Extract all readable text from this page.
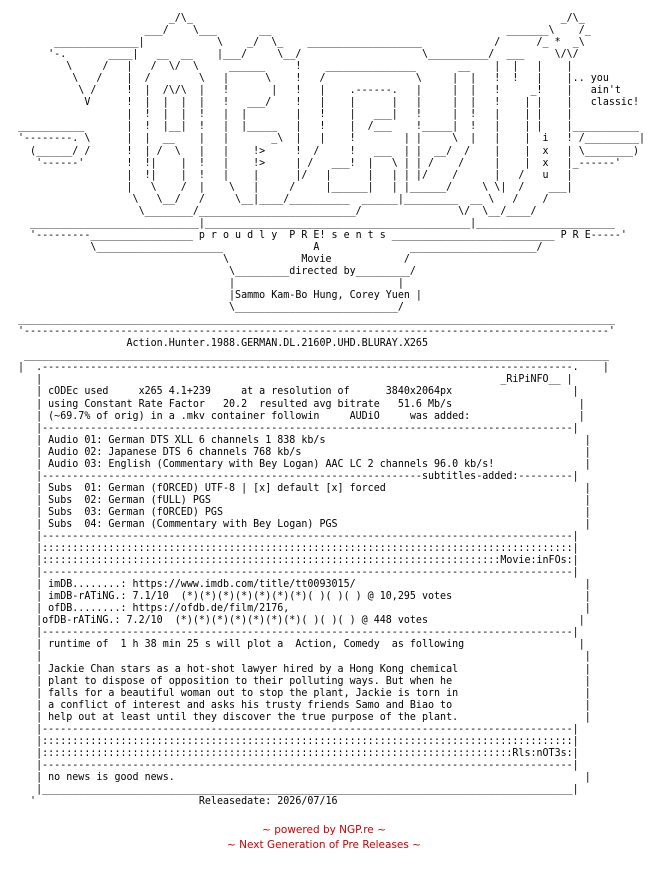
_/\_                                                             _/\_
___/    \___       __                                       _______\    /_
______________|            \    _/  \_    ___________________            /      /_ *  _\
'-.       ____|   __  __    |___/     \__/                    \__________/  ___     \/\/
\     /   |   /  \/  \     ______     !    _______________       __    |  |   |    |
\   /    |  /        \   |      \    !   /               \     |  |   !  !   |    |.. you
\ /     !  |  /\/\  |   !       |   !   |    .------.   |     |  |   !     _!    |   ain't
V      !  |  |  |  |   !   ___/    !   |    |      |   |     |  |   !    | |    |   classic!
|  !  |  |  !   |  |        |   !    |   ___|   !     |  !   |    | |    |
___________       |  !  |__|  !   |  |_____   |   !    |  /___    !_____|  !   |    | |    |___________
'--------. \      |  |  __    |   |       _\  |   |    !        | |     \  |   |    |  i   ! /_________|
(______/ /      !  | /  \   |   |    !>     !  /     !   ___  | |  __/  /    |    |  x   | \________)
'------'       !  !|    |  !   |    !>     | /   ___!  |   \ | | /    /     |    |  x   |_------'
|  !|    |  !   |    |      |/   |      |   | | |/    /      |   /   u   |
|   \    /  |    \   |     /     |______|   | |______/     \ \|  /    ___|
\   \__/   /     \__|____/__________  ______|_________  __ \   /    /
\________/__________________________/                \/  \__/____/
____________________________|____________________________________________|_______________________
'---------_________________ p r o u d l y  P R E! s e n t s ___________________________ P R E-----'
\_____________________               A               _____________________/
\            Movie            /
\_________directed by_________/
|                           |
|Sammo Kam-Bo Hung, Corey Yuen |
\___________________________/
___________________________________________________________________________________________________
'-------------------------------------------------------------------------------------------------'
Action.Hunter.1988.GERMAN.DL.2160P.UHD.BLURAY.X265
_________________________________________________________________________________________________
|  .----------------------------------------------------------------------------------------.    |
|                                                                            _RiPiNFO__ |
| cODEc used     x265 4.1+239     at a resolution of      3840x2064px                    |
| using Constant Rate Factor   20.2  resulted avg bitrate   51.6 Mb/s                     |
| (~69.7% of orig) in a .mkv container followin     AUDiO     was added:                  |
|----------------------------------------------------------------------------------------|
| Audio 01: German DTS XLL 6 channels 1 838 kb/s                                           |
| Audio 02: Japanese DTS 6 channels 768 kb/s                                               |
| Audio 03: English (Commentary with Bey Logan) AAC LC 2 channels 96.0 kb/s!               |
|---------------------------------------------------------------subtitles-added:---------|
| Subs  01: German (fORCED) UTF-8 | [x] default [x] forced                                 |
| Subs  02: German (fULL) PGS                                                              |
| Subs  03: German (fORCED) PGS                                                            |
| Subs  04: German (Commentary with Bey Logan) PGS                                         |
|----------------------------------------------------------------------------------------|
|::::::::::::::::::::::::::::::::::::::::::::::::::::::::::::::::::::::::::::::::::::::::|
|::::::::::::::::::::::::::::::::::::::::::::::::::::::::::::::::::::::::::::Movie:inFOs:|
|----------------------------------------------------------------------------------------|
| imDB........: https://www.imdb.com/title/tt0093015/                                      |
| imDB-rATiNG.: 7.1/10  (*)(*)(*)(*)(*)(*)(*)( )( )( ) @ 10,295 votes                      |
| ofDB........: https://ofdb.de/film/2176,                                                 |
|ofDB-rATiNG.: 7.2/10  (*)(*)(*)(*)(*)(*)(*)( )( )( ) @ 448 votes                         |
|----------------------------------------------------------------------------------------|
| runtime of  1 h 38 min 25 s will plot a  Action, Comedy  as following                   |
|                                                                                          |
| Jackie Chan stars as a hot-shot lawyer hired by a Hong Kong chemical                     |
| plant to dispose of opposition to their polluting ways. But when he                      |
| falls for a beautiful woman out to stop the plant, Jackie is torn in                     |
| a conflict of interest and asks his trusty friends Samo and Biao to                      |
| help out at least until they discover the true purpose of the plant.                     |
|----------------------------------------------------------------------------------------|
|::::::::::::::::::::::::::::::::::::::::::::::::::::::::::::::::::::::::::::::::::::::::|
|::::::::::::::::::::::::::::::::::::::::::::::::::::::::::::::::::::::::::::::Rls:nOT3s:|
|----------------------------------------------------------------------------------------|
| no news is good news.                                                                    |
|________________________________________________________________________________________|
'                           Releasedate: 2026/07/16

~ powered by NGP.re ~
~ Next Generation of Pre Releases ~
